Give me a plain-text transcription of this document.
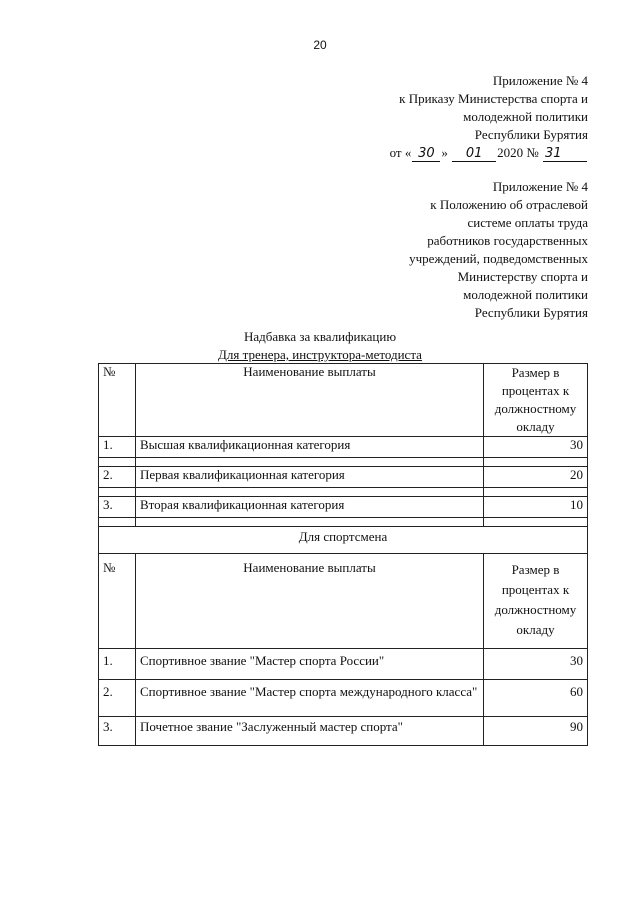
20
Приложение № 4
к Приказу Министерства спорта и
молодежной политики
Республики Бурятия
от « 30 » 01 2020 № 31
Приложение № 4
к Положению об отраслевой
системе оплаты труда
работников государственных
учреждений, подведомственных
Министерству спорта и
молодежной политики
Республики Бурятия
Надбавка за квалификацию
Для тренера, инструктора-методиста
№	Наименование выплаты	Размер в процентах к должностному окладу
1.	Высшая квалификационная категория	30

2.	Первая квалификационная категория	20

3.	Вторая квалификационная категория	10

Для спортсмена		
№	Наименование выплаты	Размер в процентах к должностному окладу
1.	Спортивное звание "Мастер спорта России"	30
2.	Спортивное звание "Мастер спорта международного класса"	60
3.	Почетное звание "Заслуженный мастер спорта"	90
